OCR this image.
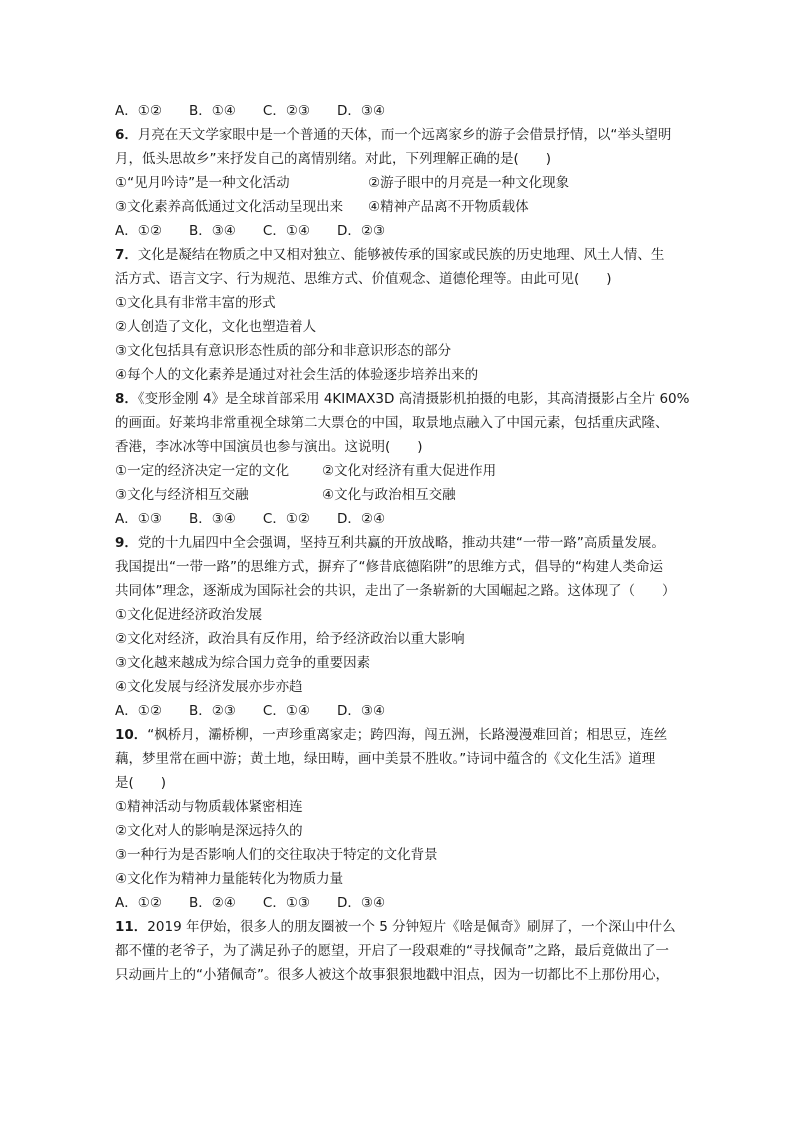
A．①②　　B．①④　　C．②③　　D．③④
6．月亮在天文学家眼中是一个普通的天体，而一个远离家乡的游子会借景抒情，以“举头望明
月，低头思故乡”来抒发自己的离情别绪。对此，下列理解正确的是(　　)
①“见月吟诗”是一种文化活动	②游子眼中的月亮是一种文化现象
③文化素养高低通过文化活动呈现出来 ④精神产品离不开物质载体
A．①②　　B．③④　　C．①④　　D．②③
7．文化是凝结在物质之中又相对独立、能够被传承的国家或民族的历史地理、风土人情、生
活方式、语言文字、行为规范、思维方式、价值观念、道德伦理等。由此可见(　　)
①文化具有非常丰富的形式
②人创造了文化，文化也塑造着人
③文化包括具有意识形态性质的部分和非意识形态的部分
④每个人的文化素养是通过对社会生活的体验逐步培养出来的
8．《变形金刚 4》是全球首部采用 4KIMAX3D 高清摄影机拍摄的电影，其高清摄影占全片 60%
的画面。好莱坞非常重视全球第二大票仓的中国，取景地点融入了中国元素，包括重庆武隆、
香港，李冰冰等中国演员也参与演出。这说明(　　)
①一定的经济决定一定的文化 ②文化对经济有重大促进作用
③文化与经济相互交融	④文化与政治相互交融
A．①③　　B．③④　　C．①②　　D．②④
9．党的十九届四中全会强调，坚持互利共赢的开放战略，推动共建“一带一路”高质量发展。
我国提出“一带一路”的思维方式，摒弃了“修昔底德陷阱”的思维方式，倡导的“构建人类命运
共同体”理念，逐渐成为国际社会的共识，走出了一条崭新的大国崛起之路。这体现了（　　）
①文化促进经济政治发展
②文化对经济，政治具有反作用，给予经济政治以重大影响
③文化越来越成为综合国力竞争的重要因素
④文化发展与经济发展亦步亦趋
A．①②　　B．②③　　C．①④　　D．③④
10．“枫桥月，灞桥柳，一声珍重离家走；跨四海，闯五洲，长路漫漫难回首；相思豆，连丝
藕，梦里常在画中游；黄土地，绿田畴，画中美景不胜收。”诗词中蕴含的《文化生活》道理
是(　　)
①精神活动与物质载体紧密相连
②文化对人的影响是深远持久的
③一种行为是否影响人们的交往取决于特定的文化背景
④文化作为精神力量能转化为物质力量
A．①②　　B．②④　　C．①③　　D．③④
11．2019 年伊始，很多人的朋友圈被一个 5 分钟短片《啥是佩奇》刷屏了，一个深山中什么
都不懂的老爷子，为了满足孙子的愿望，开启了一段艰难的“寻找佩奇”之路，最后竟做出了一
只动画片上的“小猪佩奇”。很多人被这个故事狠狠地戳中泪点，因为一切都比不上那份用心，
